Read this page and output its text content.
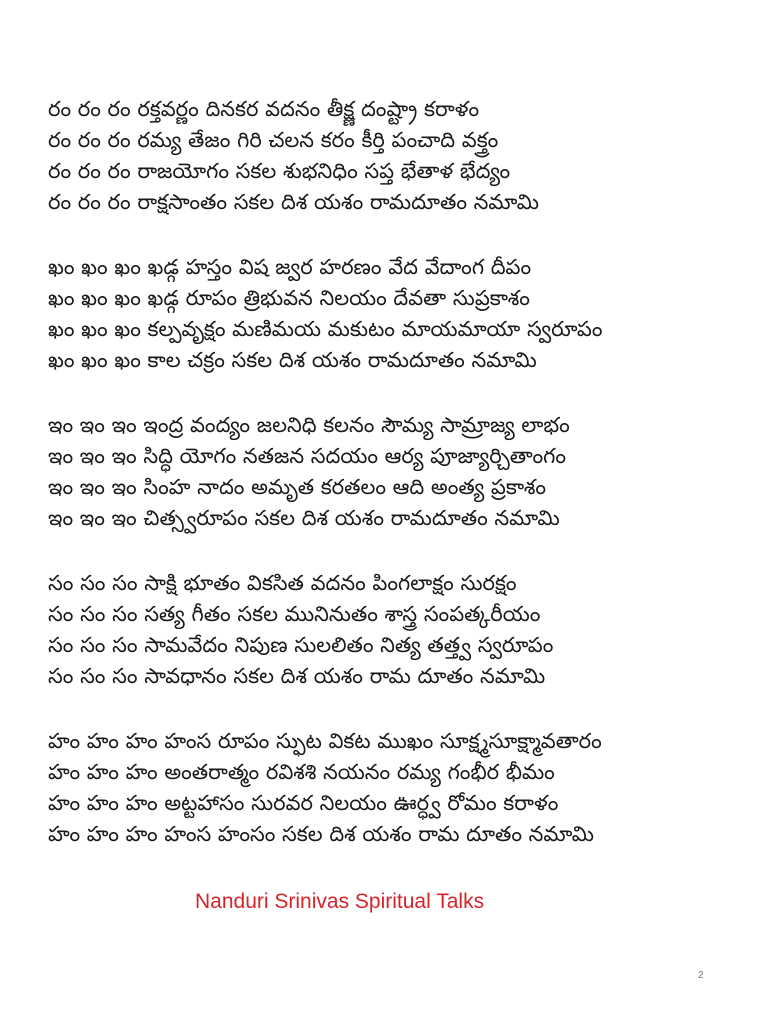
రం రం రం రక్తవర్ణం దినకర వదనం తీక్ష్ణ దంష్ట్రా కరాళం
రం రం రం రమ్య తేజం గిరి చలన కరం కీర్తి పంచాది వక్త్రం
రం రం రం రాజయోగం సకల శుభనిధిం సప్త భేతాళ భేద్యం
రం రం రం రాక్షసాంతం సకల దిశ యశం రామదూతం నమామి
ఖం ఖం ఖం ఖడ్గ హస్తం విష జ్వర హరణం వేద వేదాంగ దీపం
ఖం ఖం ఖం ఖడ్గ రూపం త్రిభువన నిలయం దేవతా సుప్రకాశం
ఖం ఖం ఖం కల్పవృక్షం మణిమయ మకుటం మాయమాయా స్వరూపం
ఖం ఖం ఖం కాల చక్రం సకల దిశ యశం రామదూతం నమామి
ఇం ఇం ఇం ఇంద్ర వంద్యం జలనిధి కలనం సౌమ్య సామ్రాజ్య లాభం
ఇం ఇం ఇం సిద్ధి యోగం నతజన సదయం ఆర్య పూజ్యార్చితాంగం
ఇం ఇం ఇం సింహ నాదం అమృత కరతలం ఆది అంత్య ప్రకాశం
ఇం ఇం ఇం చిత్స్వరూపం సకల దిశ యశం రామదూతం నమామి
సం సం సం సాక్షి భూతం వికసిత వదనం పింగలాక్షం సురక్షం
సం సం సం సత్య గీతం సకల మునినుతం శాస్త్ర సంపత్కరీయం
సం సం సం సామవేదం నిపుణ సులలితం నిత్య తత్త్వ స్వరూపం
సం సం సం సావధానం సకల దిశ యశం రామ దూతం నమామి
హం హం హం హంస రూపం స్ఫుట వికట ముఖం సూక్ష్మసూక్ష్మావతారం
హం హం హం అంతరాత్మం రవిశశి నయనం రమ్య గంభీర భీమం
హం హం హం అట్టహాసం సురవర నిలయం ఊర్ధ్వ రోమం కరాళం
హం హం హం హంస హంసం సకల దిశ యశం రామ దూతం నమామి
Nanduri Srinivas Spiritual Talks
2
